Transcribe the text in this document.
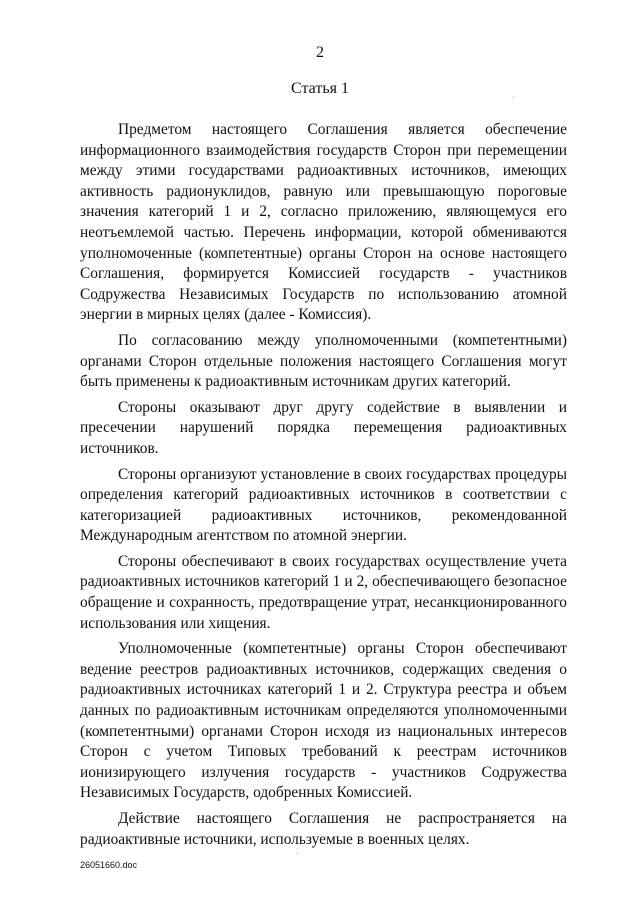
2
Статья 1

Предметом настоящего Соглашения является обеспечение информационного взаимодействия государств Сторон при перемещении между этими государствами радиоактивных источников, имеющих активность радионуклидов, равную или превышающую пороговые значения категорий 1 и 2, согласно приложению, являющемуся его неотъемлемой частью. Перечень информации, которой обмениваются уполномоченные (компетентные) органы Сторон на основе настоящего Соглашения, формируется Комиссией государств - участников Содружества Независимых Государств по использованию атомной энергии в мирных целях (далее - Комиссия).

По согласованию между уполномоченными (компетентными) органами Сторон отдельные положения настоящего Соглашения могут быть применены к радиоактивным источникам других категорий.

Стороны оказывают друг другу содействие в выявлении и пресечении нарушений порядка перемещения радиоактивных источников.

Стороны организуют установление в своих государствах процедуры определения категорий радиоактивных источников в соответствии с категоризацией радиоактивных источников, рекомендованной Международным агентством по атомной энергии.

Стороны обеспечивают в своих государствах осуществление учета радиоактивных источников категорий 1 и 2, обеспечивающего безопасное обращение и сохранность, предотвращение утрат, несанкционированного использования или хищения.

Уполномоченные (компетентные) органы Сторон обеспечивают ведение реестров радиоактивных источников, содержащих сведения о радиоактивных источниках категорий 1 и 2. Структура реестра и объем данных по радиоактивным источникам определяются уполномоченными (компетентными) органами Сторон исходя из национальных интересов Сторон с учетом Типовых требований к реестрам источников ионизирующего излучения государств - участников Содружества Независимых Государств, одобренных Комиссией.

Действие настоящего Соглашения не распространяется на радиоактивные источники, используемые в военных целях.

26051660.doc
